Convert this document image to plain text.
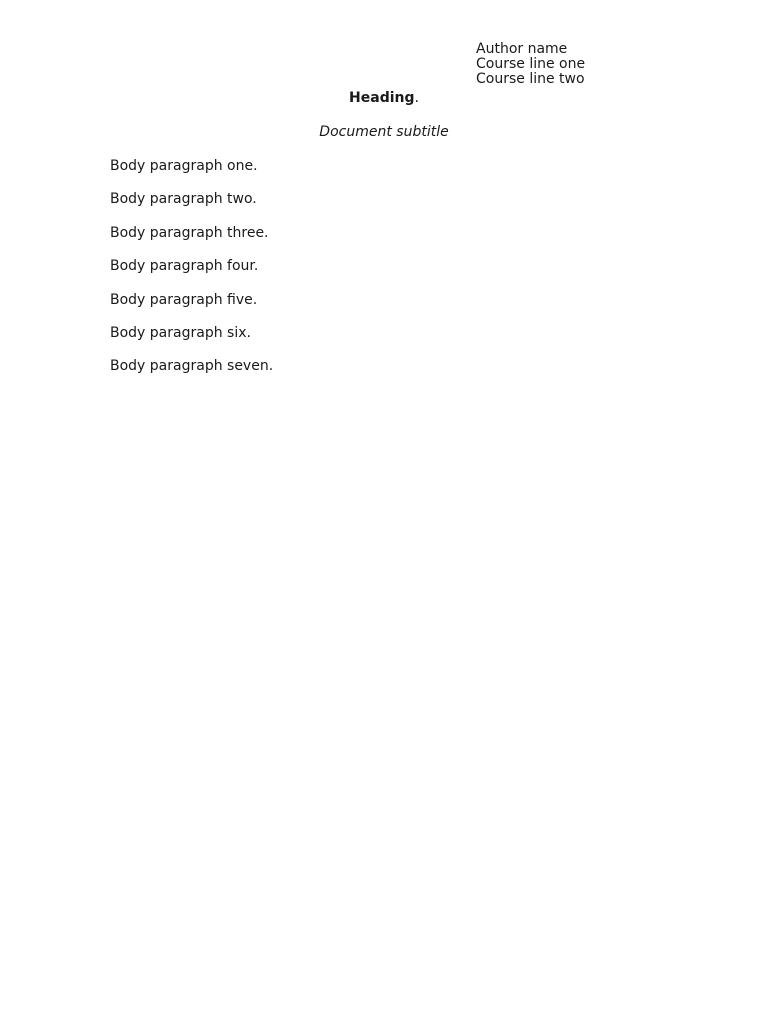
Author name
Course line one
Course line two
Heading.
Document subtitle

Body paragraph one.

Body paragraph two.

Body paragraph three.

Body paragraph four.

Body paragraph five.

Body paragraph six.

Body paragraph seven.
